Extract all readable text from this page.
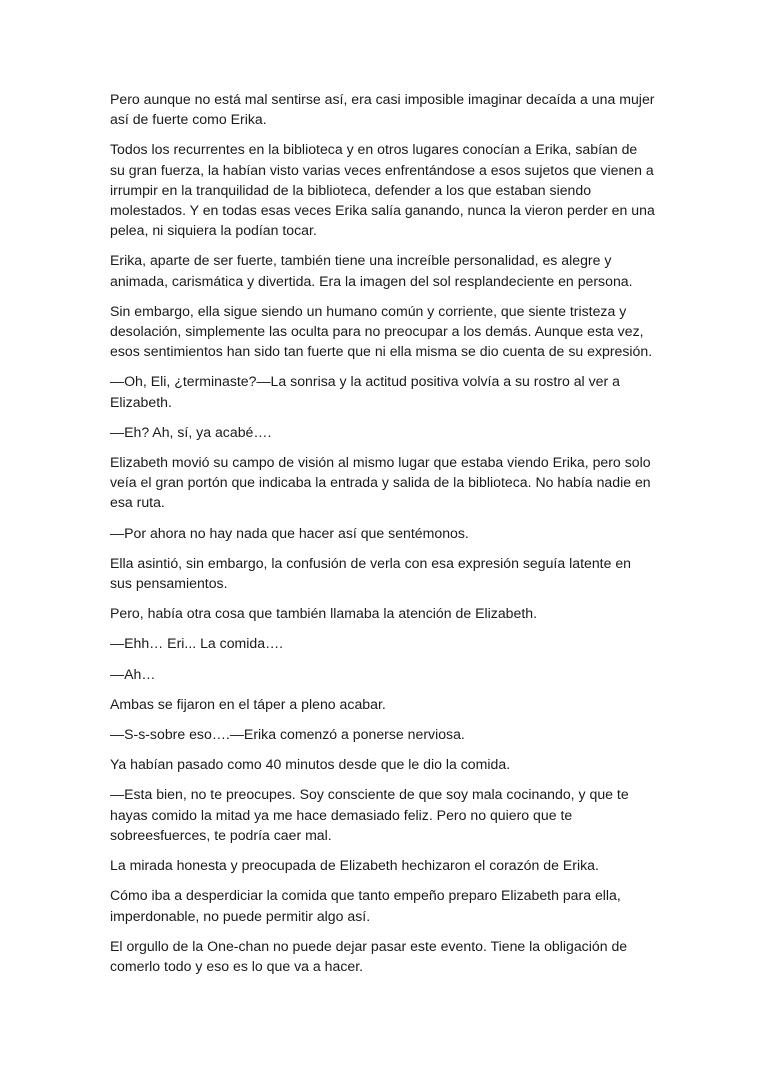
Pero aunque no está mal sentirse así, era casi imposible imaginar decaída a una mujer así de fuerte como Erika.

Todos los recurrentes en la biblioteca y en otros lugares conocían a Erika, sabían de su gran fuerza, la habían visto varias veces enfrentándose a esos sujetos que vienen a irrumpir en la tranquilidad de la biblioteca, defender a los que estaban siendo molestados. Y en todas esas veces Erika salía ganando, nunca la vieron perder en una pelea, ni siquiera la podían tocar.

Erika, aparte de ser fuerte, también tiene una increíble personalidad, es alegre y animada, carismática y divertida. Era la imagen del sol resplandeciente en persona.

Sin embargo, ella sigue siendo un humano común y corriente, que siente tristeza y desolación, simplemente las oculta para no preocupar a los demás. Aunque esta vez, esos sentimientos han sido tan fuerte que ni ella misma se dio cuenta de su expresión.

—Oh, Eli, ¿terminaste?—La sonrisa y la actitud positiva volvía a su rostro al ver a Elizabeth.

—Eh? Ah, sí, ya acabé….

Elizabeth movió su campo de visión al mismo lugar que estaba viendo Erika, pero solo veía el gran portón que indicaba la entrada y salida de la biblioteca. No había nadie en esa ruta.

—Por ahora no hay nada que hacer así que sentémonos.

Ella asintió, sin embargo, la confusión de verla con esa expresión seguía latente en sus pensamientos.

Pero, había otra cosa que también llamaba la atención de Elizabeth.

—Ehh… Eri... La comida….

—Ah…

Ambas se fijaron en el táper a pleno acabar.

—S-s-sobre eso….—Erika comenzó a ponerse nerviosa.

Ya habían pasado como 40 minutos desde que le dio la comida.

—Esta bien, no te preocupes. Soy consciente de que soy mala cocinando, y que te hayas comido la mitad ya me hace demasiado feliz. Pero no quiero que te sobreesfuerces, te podría caer mal.

La mirada honesta y preocupada de Elizabeth hechizaron el corazón de Erika.

Cómo iba a desperdiciar la comida que tanto empeño preparo Elizabeth para ella, imperdonable, no puede permitir algo así.

El orgullo de la One-chan no puede dejar pasar este evento. Tiene la obligación de comerlo todo y eso es lo que va a hacer.
